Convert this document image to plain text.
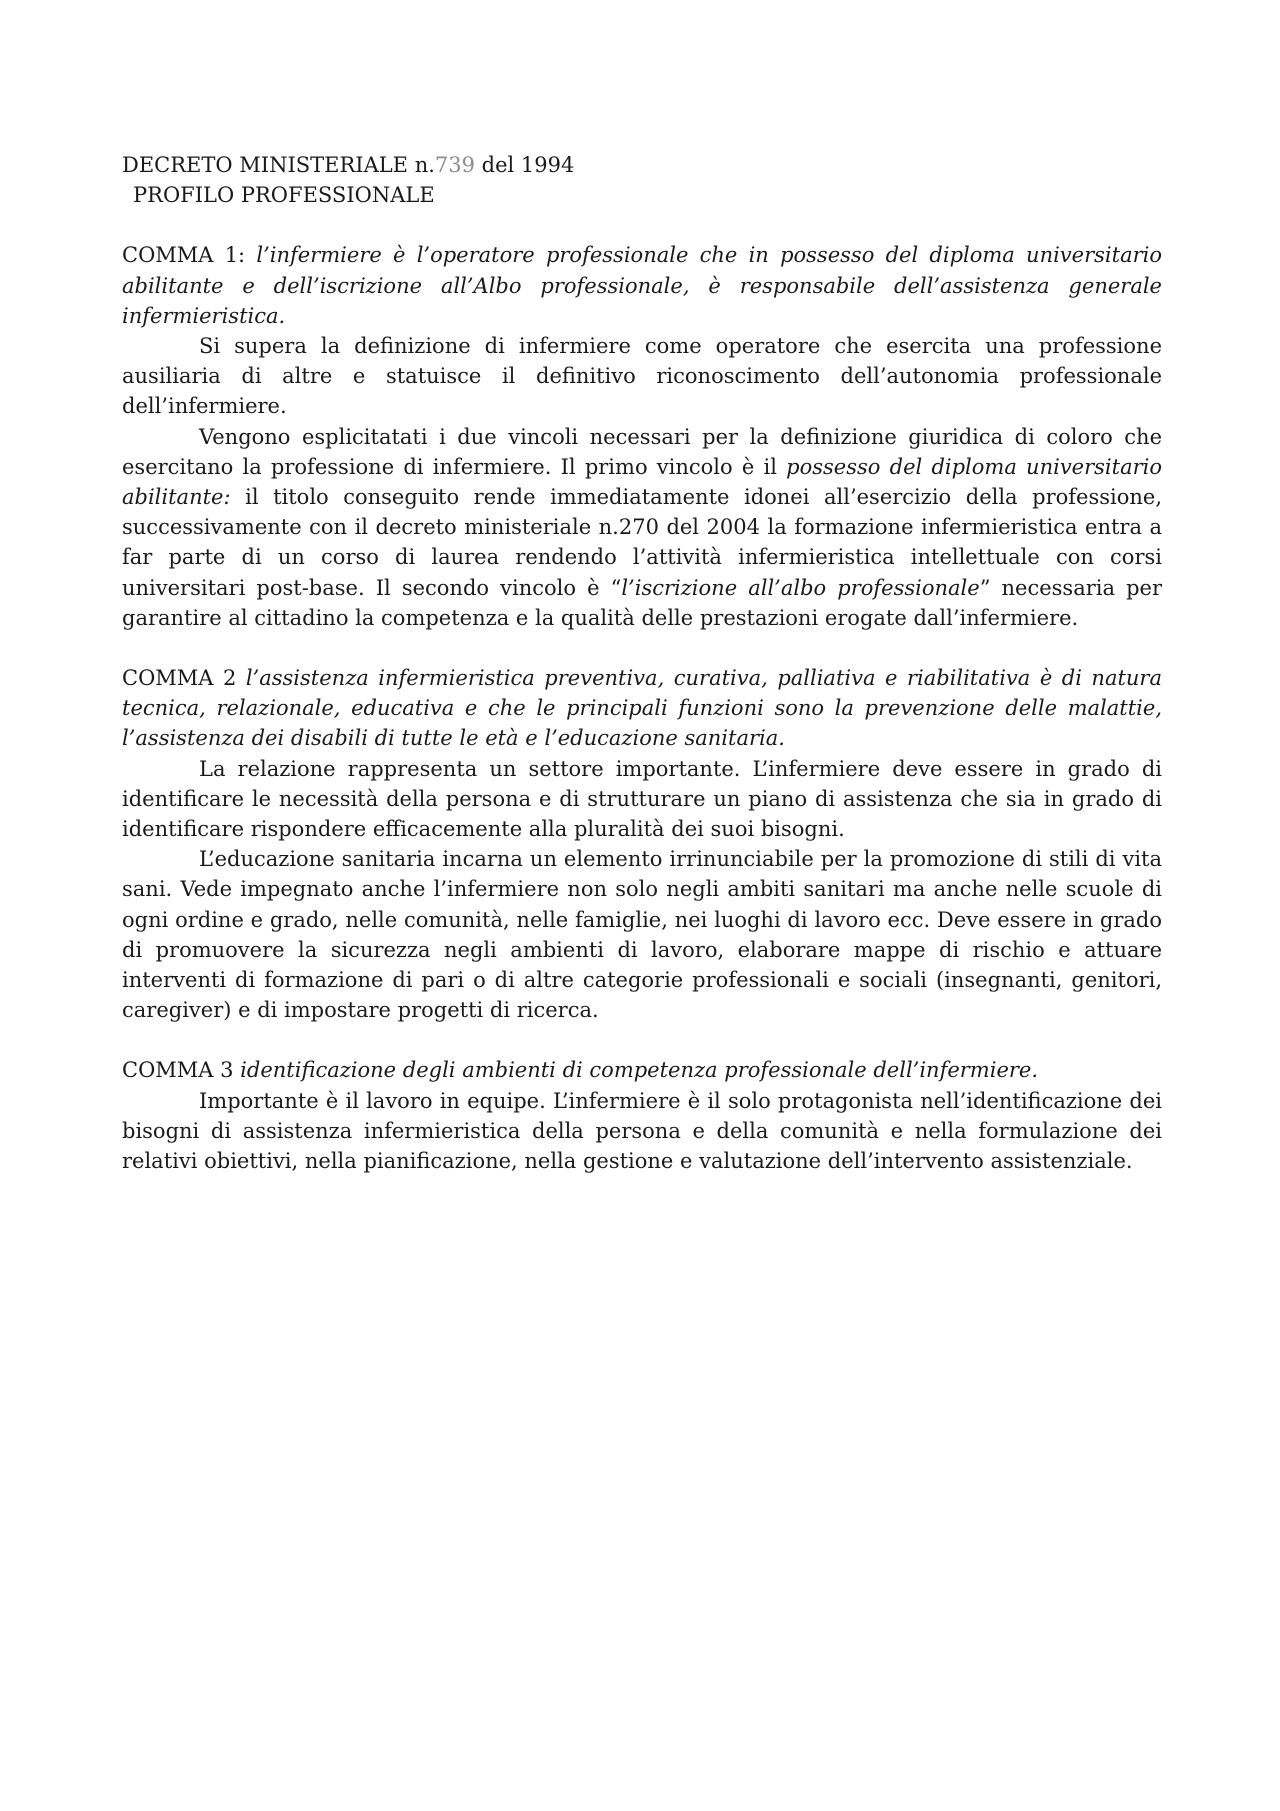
DECRETO MINISTERIALE n.739 del 1994

PROFILO PROFESSIONALE

COMMA 1: l’infermiere è l’operatore professionale che in possesso del diploma universitario abilitante e dell’iscrizione all’Albo professionale, è responsabile dell’assistenza generale infermieristica.

Si supera la definizione di infermiere come operatore che esercita una professione ausiliaria di altre e statuisce il definitivo riconoscimento dell’autonomia professionale dell’infermiere.

Vengono esplicitatati i due vincoli necessari per la definizione giuridica di coloro che esercitano la professione di infermiere. Il primo vincolo è il possesso del diploma universitario abilitante: il titolo conseguito rende immediatamente idonei all’esercizio della professione, successivamente con il decreto ministeriale n.270 del 2004 la formazione infermieristica entra a far parte di un corso di laurea rendendo l’attività infermieristica intellettuale con corsi universitari post-base. Il secondo vincolo è “l’iscrizione all’albo professionale” necessaria per garantire al cittadino la competenza e la qualità delle prestazioni erogate dall’infermiere.

COMMA 2 l’assistenza infermieristica preventiva, curativa, palliativa e riabilitativa è di natura tecnica, relazionale, educativa e che le principali funzioni sono la prevenzione delle malattie, l’assistenza dei disabili di tutte le età e l’educazione sanitaria.

La relazione rappresenta un settore importante. L’infermiere deve essere in grado di identificare le necessità della persona e di strutturare un piano di assistenza che sia in grado di identificare rispondere efficacemente alla pluralità dei suoi bisogni.

L’educazione sanitaria incarna un elemento irrinunciabile per la promozione di stili di vita sani. Vede impegnato anche l’infermiere non solo negli ambiti sanitari ma anche nelle scuole di ogni ordine e grado, nelle comunità, nelle famiglie, nei luoghi di lavoro ecc. Deve essere in grado di promuovere la sicurezza negli ambienti di lavoro, elaborare mappe di rischio e attuare interventi di formazione di pari o di altre categorie professionali e sociali (insegnanti, genitori, caregiver) e di impostare progetti di ricerca.

COMMA 3 identificazione degli ambienti di competenza professionale dell’infermiere.

Importante è il lavoro in equipe. L’infermiere è il solo protagonista nell’identificazione dei bisogni di assistenza infermieristica della persona e della comunità e nella formulazione dei relativi obiettivi, nella pianificazione, nella gestione e valutazione dell’intervento assistenziale.
